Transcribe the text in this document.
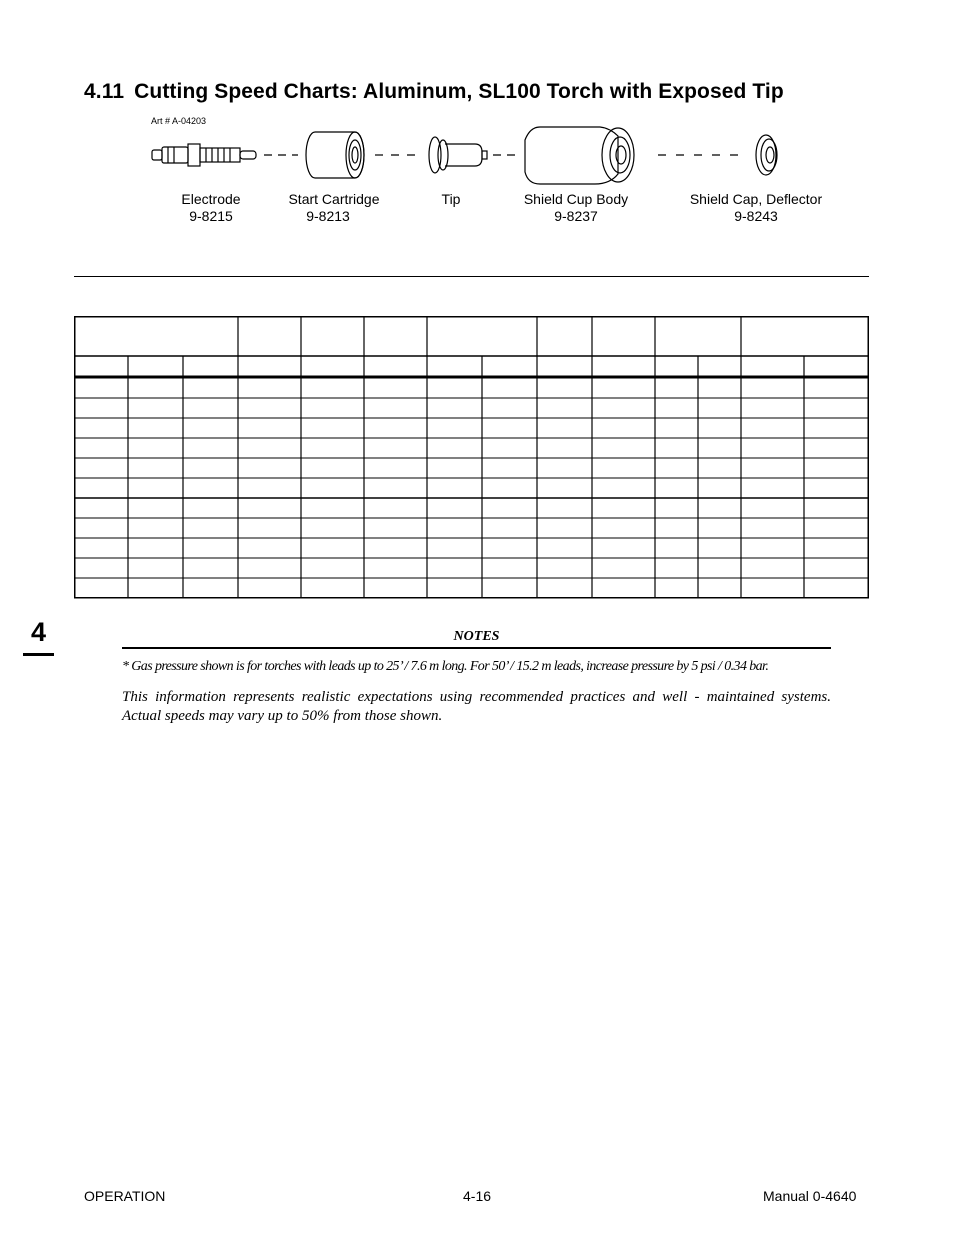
4.11 Cutting Speed Charts: Aluminum, SL100 Torch with Exposed Tip
Art # A-04203
Electrode
9-8215
Start Cartridge
9-8213
Tip	Shield Cup Body
9-8237
Shield Cap, Deflector
9-8243
4	NOTES
* Gas pressure shown is for torches with leads up to 25’ / 7.6 m long. For 50’ / 15.2 m leads, increase pressure by 5 psi / 0.34 bar.
This information represents realistic expectations using recommended practices and well - maintained systems. Actual speeds may vary up to 50% from those shown.
OPERATION	4-16	Manual 0-4640
